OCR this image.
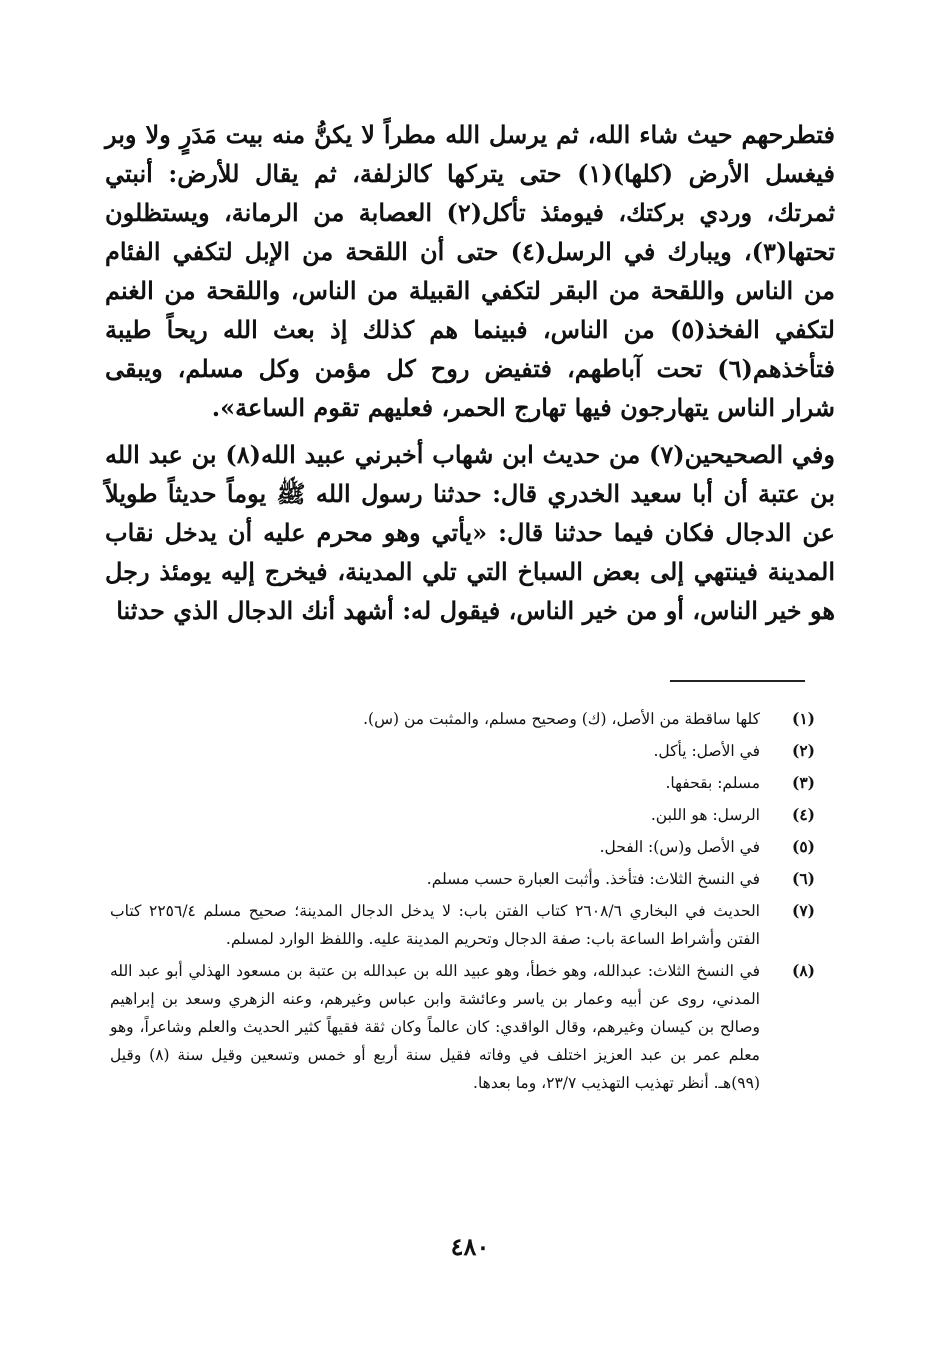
فتطرحهم حيث شاء الله، ثم يرسل الله مطراً لا يكنُّ منه بيت مَدَرٍ ولا وبر فيغسل الأرض (كلها)(١) حتى يتركها كالزلفة، ثم يقال للأرض: أنبتي ثمرتك، وردي بركتك، فيومئذ تأكل(٢) العصابة من الرمانة، ويستظلون تحتها(٣)، ويبارك في الرسل(٤) حتى أن اللقحة من الإبل لتكفي الفئام من الناس واللقحة من البقر لتكفي القبيلة من الناس، واللقحة من الغنم لتكفي الفخذ(٥) من الناس، فبينما هم كذلك إذ بعث الله ريحاً طيبة فتأخذهم(٦) تحت آباطهم، فتفيض روح كل مؤمن وكل مسلم، ويبقى شرار الناس يتهارجون فيها تهارج الحمر، فعليهم تقوم الساعة».

وفي الصحيحين(٧) من حديث ابن شهاب أخبرني عبيد الله(٨) بن عبد الله بن عتبة أن أبا سعيد الخدري قال: حدثنا رسول الله ﷺ يوماً حديثاً طويلاً عن الدجال فكان فيما حدثنا قال: «يأتي وهو محرم عليه أن يدخل نقاب المدينة فينتهي إلى بعض السباخ التي تلي المدينة، فيخرج إليه يومئذ رجل هو خير الناس، أو من خير الناس، فيقول له: أشهد أنك الدجال الذي حدثنا

(١)
كلها ساقطة من الأصل، (ك) وصحيح مسلم، والمثبت من (س).
(٢)
في الأصل: يأكل.
(٣)
مسلم: بقحفها.
(٤)
الرسل: هو اللبن.
(٥)
في الأصل و(س): الفحل.
(٦)
في النسخ الثلاث: فتأخذ. وأثبت العبارة حسب مسلم.
(٧)
الحديث في البخاري ٢٦٠٨/٦ كتاب الفتن باب: لا يدخل الدجال المدينة؛ صحيح مسلم ٢٢٥٦/٤ كتاب الفتن وأشراط الساعة باب: صفة الدجال وتحريم المدينة عليه. واللفظ الوارد لمسلم.
(٨)
في النسخ الثلاث: عبدالله، وهو خطأ، وهو عبيد الله بن عبدالله بن عتبة بن مسعود الهذلي أبو عبد الله المدني، روى عن أبيه وعمار بن ياسر وعائشة وابن عباس وغيرهم، وعنه الزهري وسعد بن إبراهيم وصالح بن كيسان وغيرهم، وقال الواقدي: كان عالماً وكان ثقة فقيهاً كثير الحديث والعلم وشاعراً، وهو معلم عمر بن عبد العزيز اختلف في وفاته فقيل سنة أربع أو خمس وتسعين وقيل سنة (٨) وقيل (٩٩)هـ. أنظر تهذيب التهذيب ٢٣/٧، وما بعدها.
٤٨٠
